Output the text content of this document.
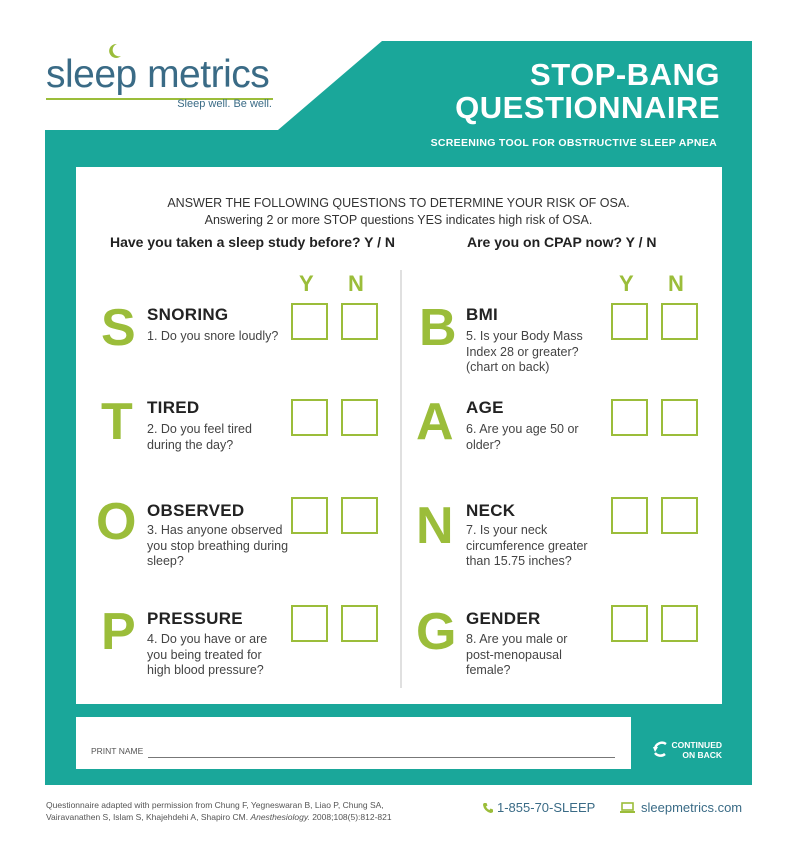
sleep metrics
Sleep well. Be well.
STOP-BANG
QUESTIONNAIRE
SCREENING TOOL FOR OBSTRUCTIVE SLEEP APNEA
ANSWER THE FOLLOWING QUESTIONS TO DETERMINE YOUR RISK OF OSA.
Answering 2 or more STOP questions YES indicates high risk of OSA.
Have you taken a sleep study before? Y / N	Are you on CPAP now? Y / N
Y N	Y N
S SNORING
1. Do you snore loudly?
T TIRED
2. Do you feel tired during the day?
O OBSERVED
3. Has anyone observed you stop breathing during sleep?
P PRESSURE
4. Do you have or are you being treated for high blood pressure?
B BMI
5. Is your Body Mass Index 28 or greater? (chart on back)
A AGE
6. Are you age 50 or older?
N NECK
7. Is your neck circumference greater than 15.75 inches?
G GENDER
8. Are you male or post-menopausal female?
PRINT NAME
CONTINUED
ON BACK
Questionnaire adapted with permission from Chung F, Yegneswaran B, Liao P, Chung SA,
Vairavanathen S, Islam S, Khajehdehi A, Shapiro CM. Anesthesiology. 2008;108(5):812-821
1-855-70-SLEEP	sleepmetrics.com
